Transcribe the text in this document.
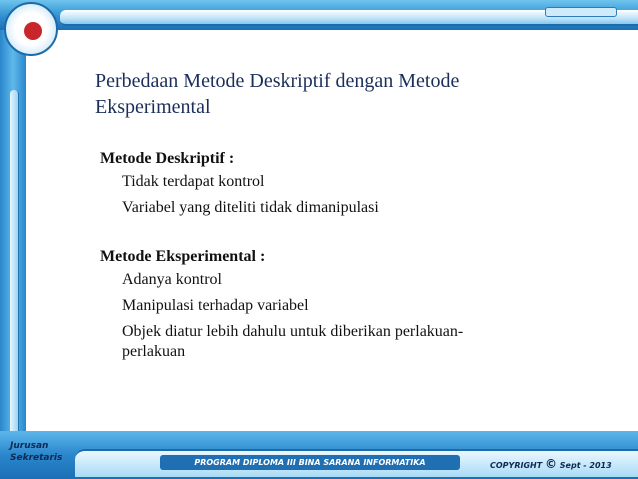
Perbedaan Metode Deskriptif dengan Metode Eksperimental
Metode Deskriptif :
Tidak terdapat kontrol
Variabel yang diteliti tidak dimanipulasi
Metode Eksperimental :
Adanya kontrol
Manipulasi terhadap variabel
Objek diatur lebih dahulu untuk diberikan perlakuan-perlakuan
Jurusan
Sekretaris	PROGRAM DIPLOMA III BINA SARANA INFORMATIKA	COPYRIGHT © Sept - 2013
